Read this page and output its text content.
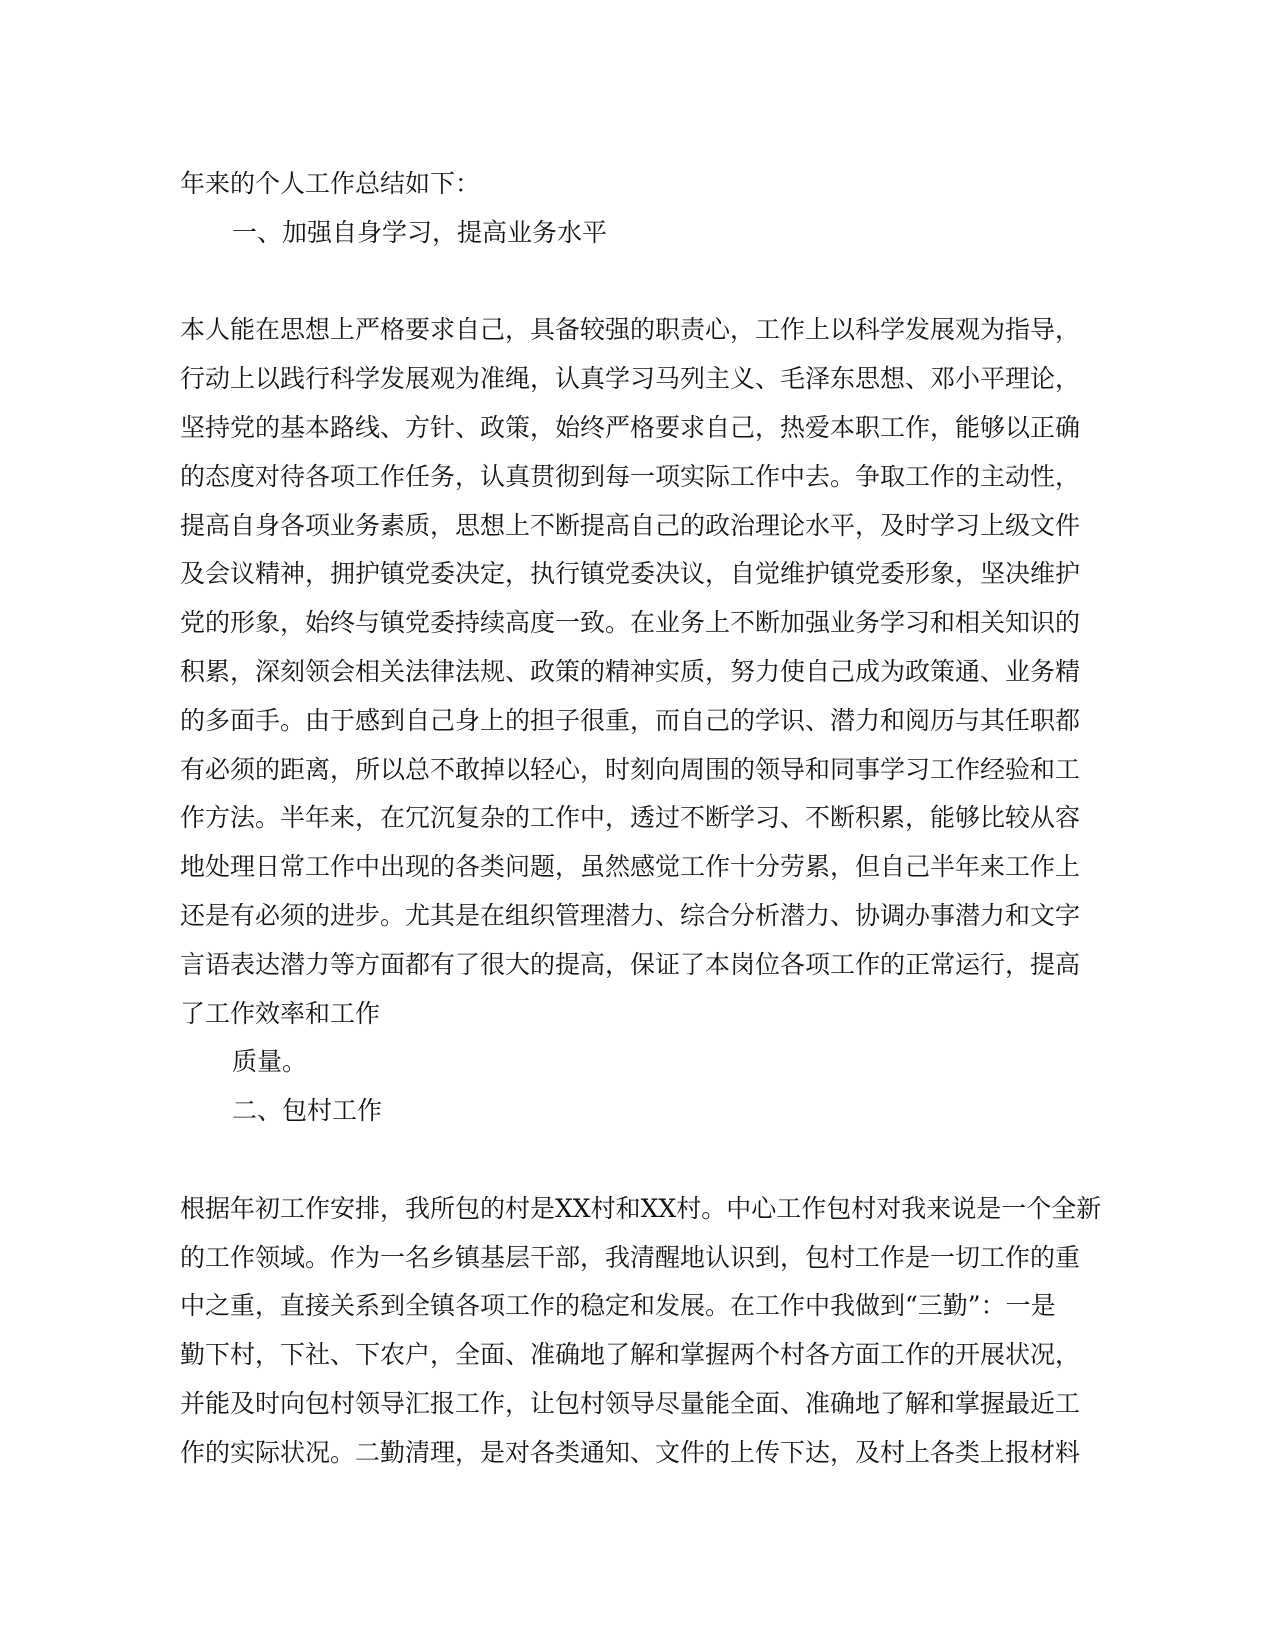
年来的个人工作总结如下：
一、加强自身学习，提高业务水平
本人能在思想上严格要求自己，具备较强的职责心，工作上以科学发展观为指导，
行动上以践行科学发展观为准绳，认真学习马列主义、毛泽东思想、邓小平理论，
坚持党的基本路线、方针、政策，始终严格要求自己，热爱本职工作，能够以正确
的态度对待各项工作任务，认真贯彻到每一项实际工作中去。争取工作的主动性，
提高自身各项业务素质，思想上不断提高自己的政治理论水平，及时学习上级文件
及会议精神，拥护镇党委决定，执行镇党委决议，自觉维护镇党委形象，坚决维护
党的形象，始终与镇党委持续高度一致。在业务上不断加强业务学习和相关知识的
积累，深刻领会相关法律法规、政策的精神实质，努力使自己成为政策通、业务精
的多面手。由于感到自己身上的担子很重，而自己的学识、潜力和阅历与其任职都
有必须的距离，所以总不敢掉以轻心，时刻向周围的领导和同事学习工作经验和工
作方法。半年来，在冗沉复杂的工作中，透过不断学习、不断积累，能够比较从容
地处理日常工作中出现的各类问题，虽然感觉工作十分劳累，但自己半年来工作上
还是有必须的进步。尤其是在组织管理潜力、综合分析潜力、协调办事潜力和文字
言语表达潜力等方面都有了很大的提高，保证了本岗位各项工作的正常运行，提高
了工作效率和工作
质量。
二、包村工作
根据年初工作安排，我所包的村是XX村和XX村。中心工作包村对我来说是一个全新
的工作领域。作为一名乡镇基层干部，我清醒地认识到，包村工作是一切工作的重
中之重，直接关系到全镇各项工作的稳定和发展。在工作中我做到“三勤”：一是
勤下村，下社、下农户，全面、准确地了解和掌握两个村各方面工作的开展状况，
并能及时向包村领导汇报工作，让包村领导尽量能全面、准确地了解和掌握最近工
作的实际状况。二勤清理，是对各类通知、文件的上传下达，及村上各类上报材料
